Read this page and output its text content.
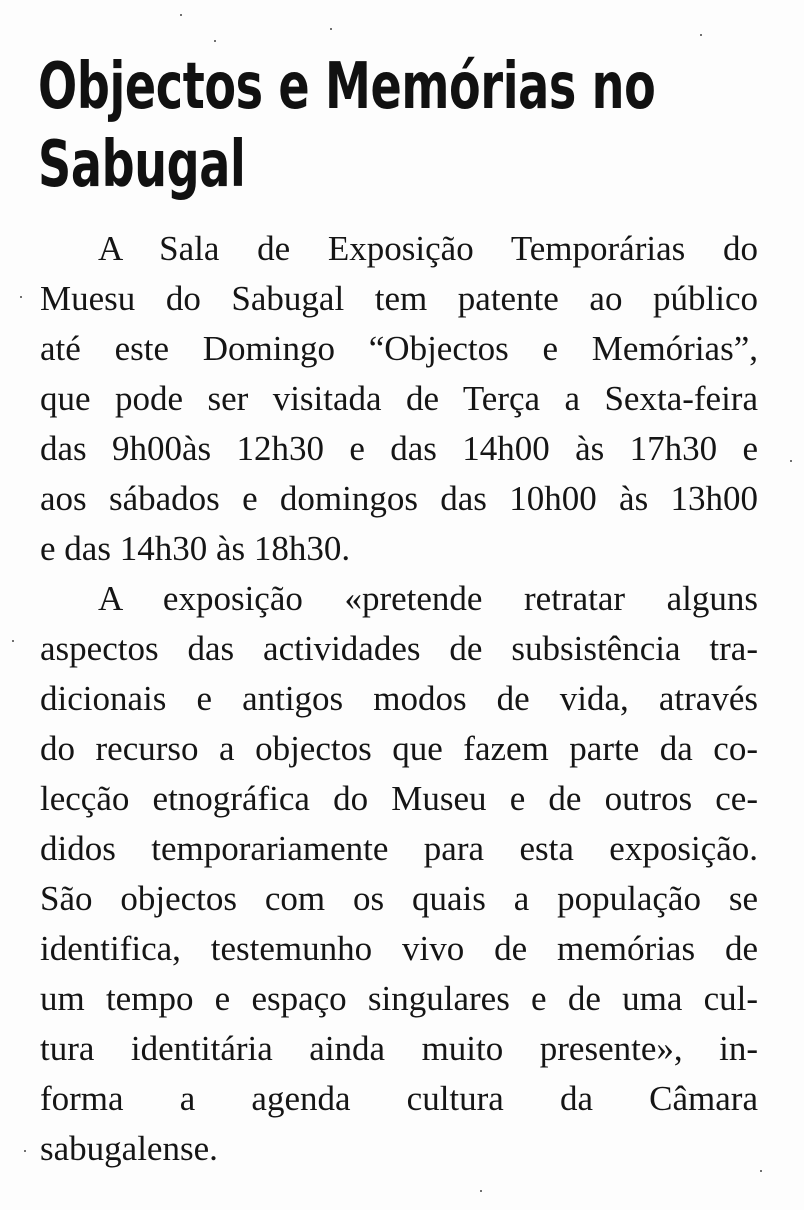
Objectos e Memórias no Sabugal
A Sala de Exposição Temporárias do
Muesu do Sabugal tem patente ao público
até este Domingo “Objectos e Memórias”,
que pode ser visitada de Terça a Sexta-feira
das 9h00às 12h30 e das 14h00 às 17h30 e
aos sábados e domingos das 10h00 às 13h00
e das 14h30 às 18h30.
A exposição «pretende retratar alguns
aspectos das actividades de subsistência tra-
dicionais e antigos modos de vida, através
do recurso a objectos que fazem parte da co-
lecção etnográfica do Museu e de outros ce-
didos temporariamente para esta exposição.
São objectos com os quais a população se
identifica, testemunho vivo de memórias de
um tempo e espaço singulares e de uma cul-
tura identitária ainda muito presente», in-
forma a agenda cultura da Câmara
sabugalense.
